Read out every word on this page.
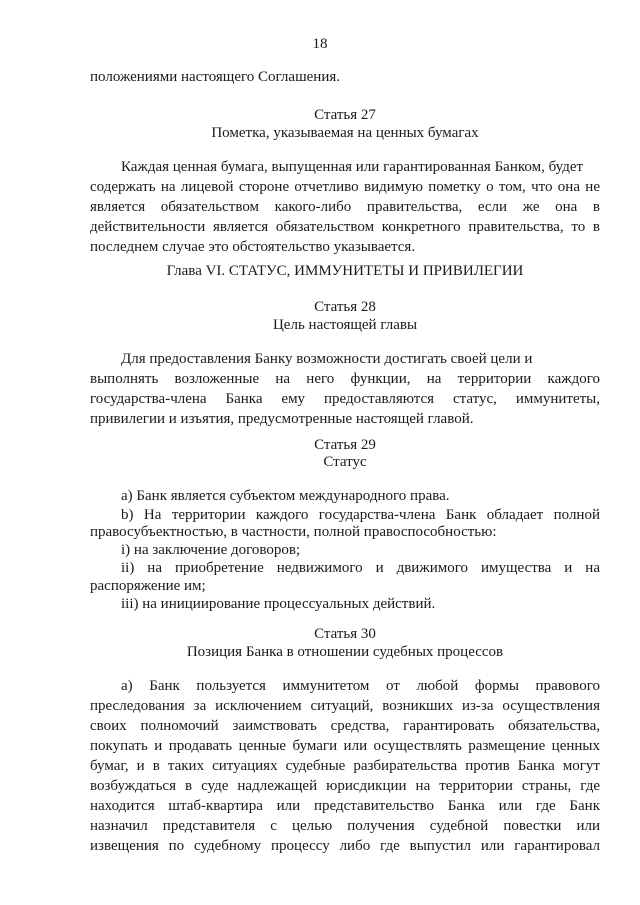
18
положениями настоящего Соглашения.
Статья 27
Пометка, указываемая на ценных бумагах
Каждая ценная бумага, выпущенная или гарантированная Банком, будет
содержать на лицевой стороне отчетливо видимую пометку о том, что она не
является обязательством какого-либо правительства, если же она в
действительности является обязательством конкретного правительства, то в
последнем случае это обстоятельство указывается.
Глава VI. СТАТУС, ИММУНИТЕТЫ И ПРИВИЛЕГИИ
Статья 28
Цель настоящей главы
Для предоставления Банку возможности достигать своей цели и
выполнять возложенные на него функции, на территории каждого
государства-члена Банка ему предоставляются статус, иммунитеты,
привилегии и изъятия, предусмотренные настоящей главой.
Статья 29
Статус
a) Банк является субъектом международного права.
b) На территории каждого государства-члена Банк обладает полной
правосубъектностью, в частности, полной правоспособностью:
i) на заключение договоров;
ii) на приобретение недвижимого и движимого имущества и на
распоряжение им;
iii) на инициирование процессуальных действий.
Статья 30
Позиция Банка в отношении судебных процессов
a) Банк пользуется иммунитетом от любой формы правового
преследования за исключением ситуаций, возникших из-за осуществления
своих полномочий заимствовать средства, гарантировать обязательства,
покупать и продавать ценные бумаги или осуществлять размещение ценных
бумаг, и в таких ситуациях судебные разбирательства против Банка могут
возбуждаться в суде надлежащей юрисдикции на территории страны, где
находится штаб-квартира или представительство Банка или где Банк
назначил представителя с целью получения судебной повестки или
извещения по судебному процессу либо где выпустил или гарантировал
